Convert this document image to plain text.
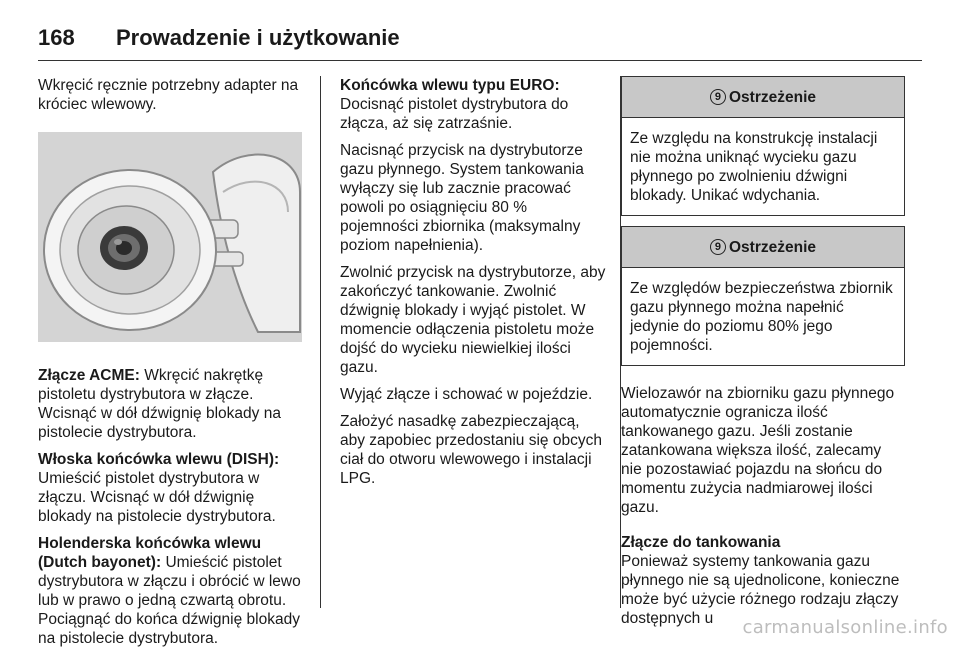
168	Prowadzenie i użytkowanie

Wkręcić ręcznie potrzebny adapter na króciec wlewowy.

Złącze ACME: Wkręcić nakrętkę pistoletu dystrybutora w złącze. Wcisnąć w dół dźwignię blokady na pistolecie dystrybutora.

Włoska końcówka wlewu (DISH):
Umieścić pistolet dystrybutora w złączu. Wcisnąć w dół dźwignię blokady na pistolecie dystrybutora.

Holenderska końcówka wlewu (Dutch bayonet): Umieścić pistolet dystrybutora w złączu i obrócić w lewo lub w prawo o jedną czwartą obrotu. Pociągnąć do końca dźwignię blokady na pistolecie dystrybutora.

Końcówka wlewu typu EURO:
Docisnąć pistolet dystrybutora do złącza, aż się zatrzaśnie.

Nacisnąć przycisk na dystrybutorze gazu płynnego. System tankowania wyłączy się lub zacznie pracować powoli po osiągnięciu 80 % pojemności zbiornika (maksymalny poziom napełnienia).

Zwolnić przycisk na dystrybutorze, aby zakończyć tankowanie. Zwolnić dźwignię blokady i wyjąć pistolet. W momencie odłączenia pistoletu może dojść do wycieku niewielkiej ilości gazu.

Wyjąć złącze i schować w pojeździe.

Założyć nasadkę zabezpieczającą, aby zapobiec przedostaniu się obcych ciał do otworu wlewowego i instalacji LPG.

9 Ostrzeżenie
Ze względu na konstrukcję instalacji nie można uniknąć wycieku gazu płynnego po zwolnieniu dźwigni blokady. Unikać wdychania.
9 Ostrzeżenie
Ze względów bezpieczeństwa zbiornik gazu płynnego można napełnić jedynie do poziomu 80% jego pojemności.

Wielozawór na zbiorniku gazu płynnego automatycznie ogranicza ilość tankowanego gazu. Jeśli zostanie zatankowana większa ilość, zalecamy nie pozostawiać pojazdu na słońcu do momentu zużycia nadmiarowej ilości gazu.

Złącze do tankowania
Ponieważ systemy tankowania gazu płynnego nie są ujednolicone, konieczne może być użycie różnego rodzaju złączy dostępnych u	carmanualsonline.info
